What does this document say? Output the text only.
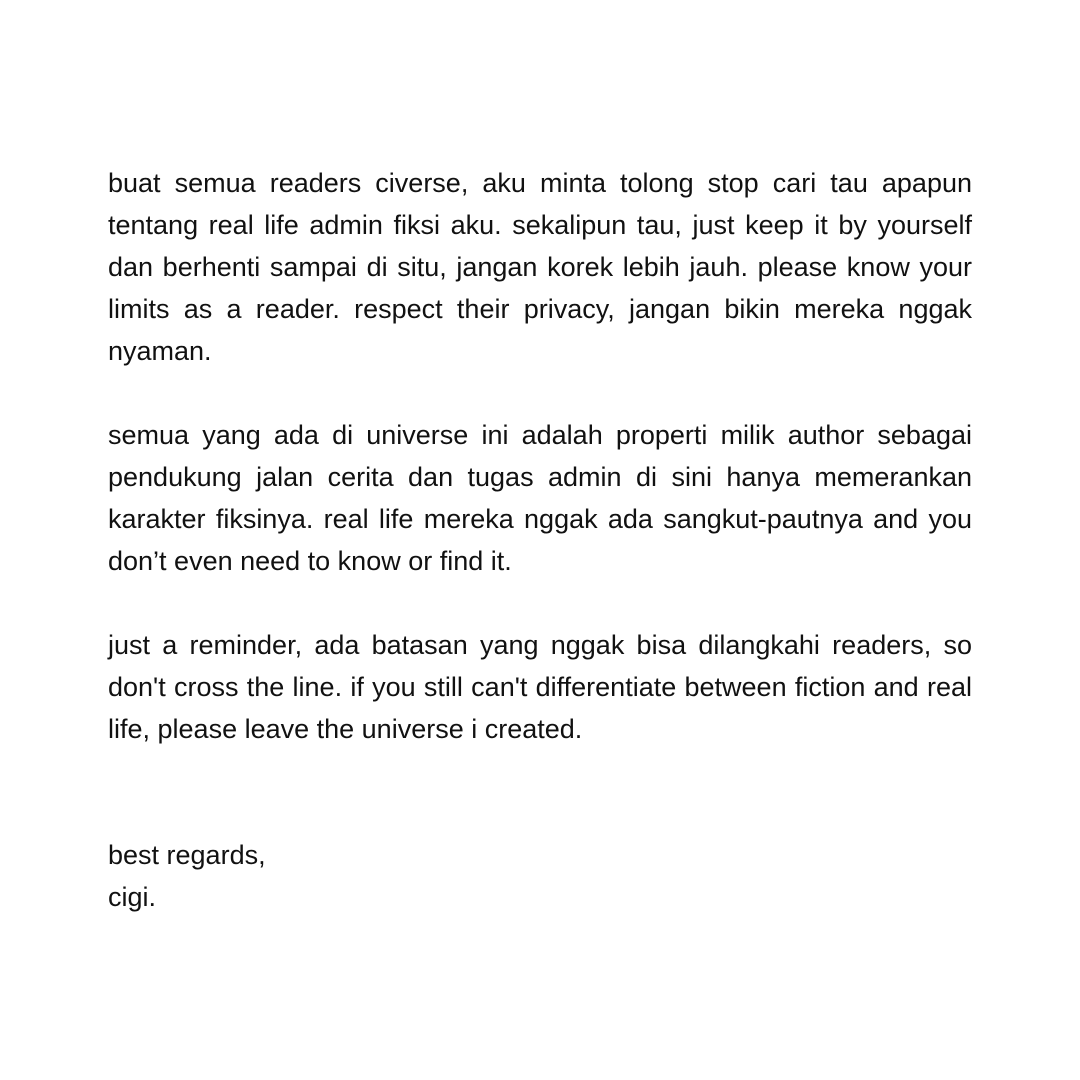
buat semua readers civerse, aku minta tolong stop cari tau apapun tentang real life admin fiksi aku. sekalipun tau, just keep it by yourself dan berhenti sampai di situ, jangan korek lebih jauh. please know your limits as a reader. respect their privacy, jangan bikin mereka nggak nyaman.

semua yang ada di universe ini adalah properti milik author sebagai pendukung jalan cerita dan tugas admin di sini hanya memerankan karakter fiksinya. real life mereka nggak ada sangkut-pautnya and you don’t even need to know or find it.

just a reminder, ada batasan yang nggak bisa dilangkahi readers, so don't cross the line. if you still can't differentiate between fiction and real life, please leave the universe i created.

best regards,
cigi.
